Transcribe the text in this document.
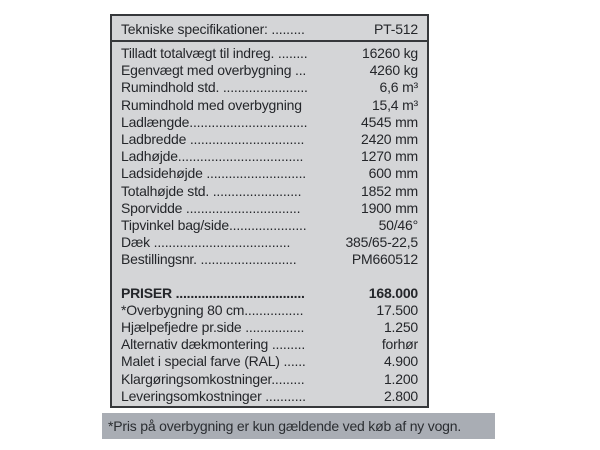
Tekniske specifikationer: .........	PT-512
Tilladt totalvægt til indreg. ........	16260 kg
Egenvægt med overbygning ...	4260 kg
Rumindhold std. .......................	6,6 m³
Rumindhold med overbygning	15,4 m³
Ladlængde................................	4545 mm
Ladbredde ...............................	2420 mm
Ladhøjde..................................	1270 mm
Ladsidehøjde ...........................	600 mm
Totalhøjde std. ........................	1852 mm
Sporvidde ...............................	1900 mm
Tipvinkel bag/side.....................	50/46°
Dæk .....................................	385/65-22,5
Bestillingsnr. ..........................	PM660512
PRISER ...................................	168.000
*Overbygning 80 cm................	17.500
Hjælpefjedre pr.side ................	1.250
Alternativ dækmontering .........	forhør
Malet i special farve (RAL) ......	4.900
Klargøringsomkostninger.........	1.200
Leveringsomkostninger ...........	2.800
*Pris på overbygning er kun gældende ved køb af ny vogn.
